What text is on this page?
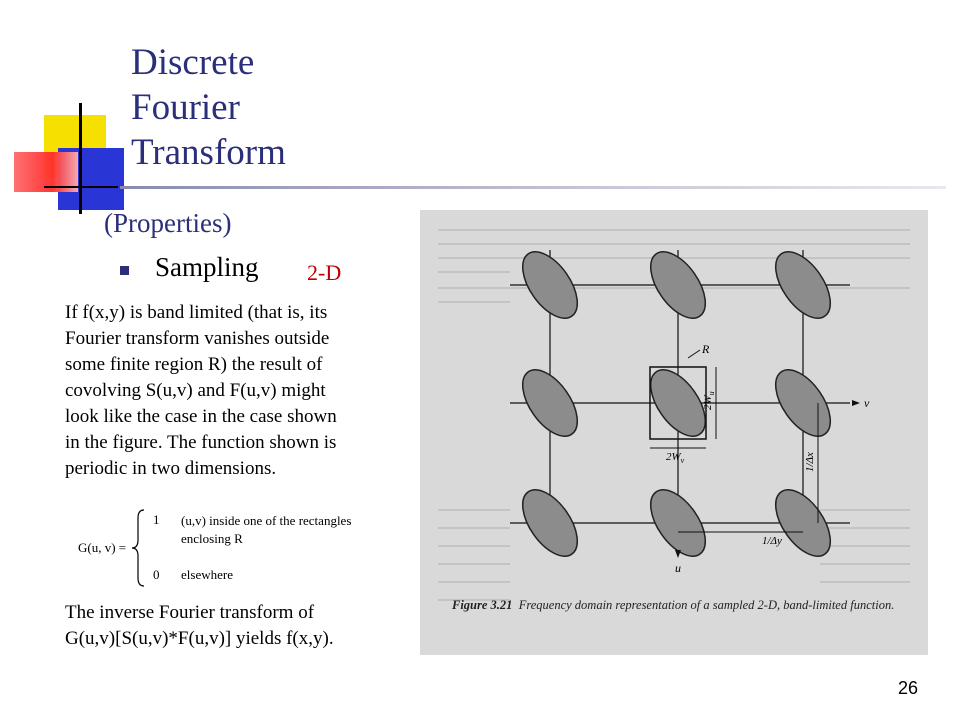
Discrete
Fourier
Transform
(Properties)
Sampling 2-D
If f(x,y) is band limited (that is, its
Fourier transform vanishes outside
some finite region R) the result of
covolving S(u,v) and F(u,v) might
look like the case in the case shown
in the figure. The function shown is
periodic in two dimensions.
G(u, v) =
1 (u,v) inside one of the rectangles
enclosing R
0 elsewhere
The inverse Fourier transform of
G(u,v)[S(u,v)*F(u,v)] yields f(x,y).
R
$2W_u$
$2W_v$	1/Δx
1/Δy
v
u
Figure 3.21 Frequency domain representation of a sampled 2-D, band-limited function.
26
